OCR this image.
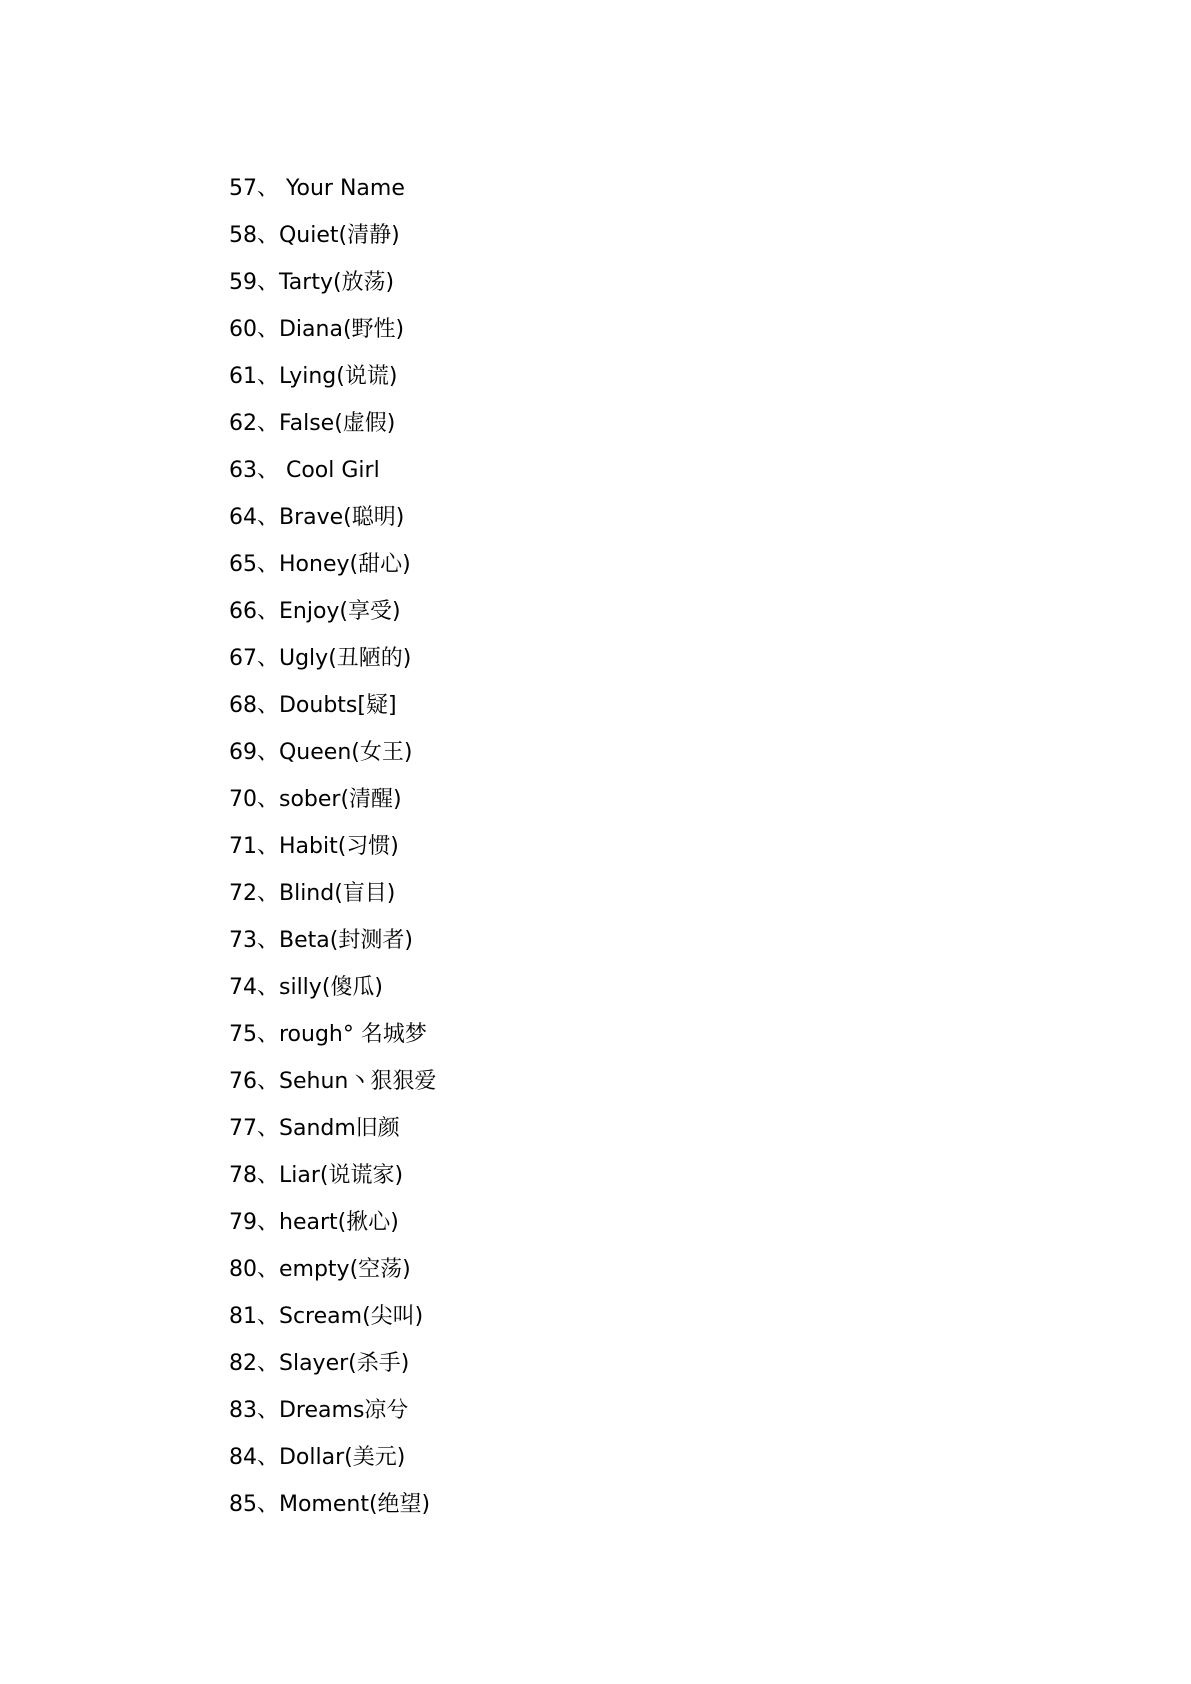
57、 Your Name
58、Quiet(清静)
59、Tarty(放荡)
60、Diana(野性)
61、Lying(说谎)
62、False(虚假)
63、 Cool Girl
64、Brave(聪明)
65、Honey(甜心)
66、Enjoy(享受)
67、Ugly(丑陋的)
68、Doubts[疑]
69、Queen(女王)
70、sober(清醒)
71、Habit(习惯)
72、Blind(盲目)
73、Beta(封测者)
74、silly(傻瓜)
75、rough° 名城梦
76、Sehun丶狠狠爱
77、Sandm旧颜
78、Liar(说谎家)
79、heart(揪心)
80、empty(空荡)
81、Scream(尖叫)
82、Slayer(杀手)
83、Dreams凉兮
84、Dollar(美元)
85、Moment(绝望)
